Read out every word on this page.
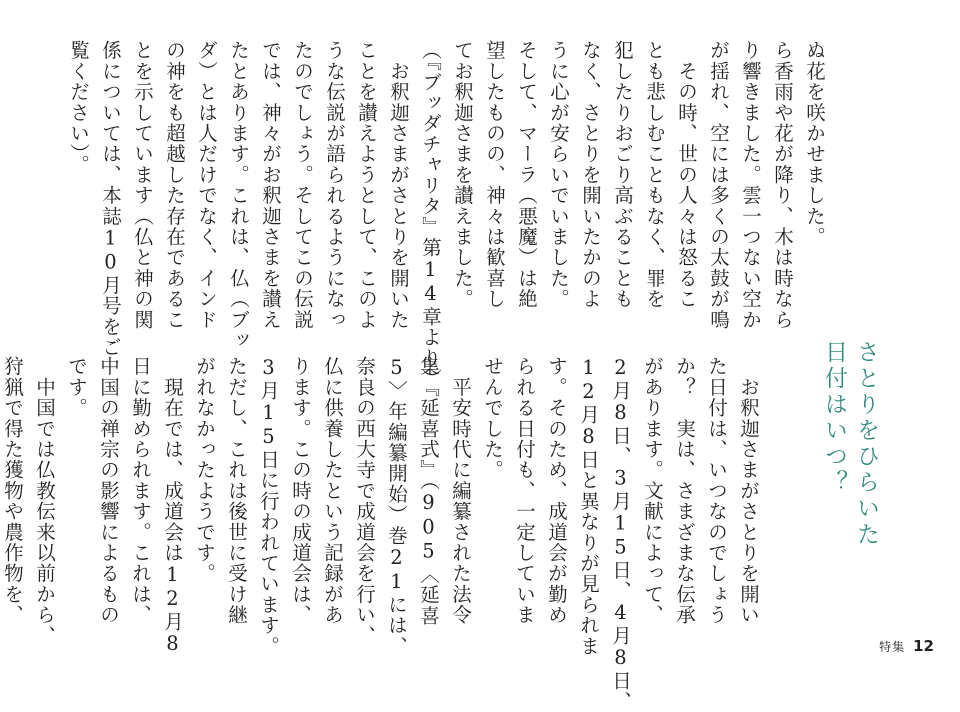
ぬ花を咲かせました。
ら香雨や花が降り、木は時なら
り響きました。雲一つない空か
が揺れ、空には多くの太鼓が鳴
　その時、世の人々は怒るこ
とも悲しむこともなく、罪を
犯したりおごり高ぶることも
なく、さとりを開いたかのよ
うに心が安らいでいました。
そして、マーラ（悪魔）は絶
望したものの、神々は歓喜し
てお釈迦さまを讃えました。
（『ブッダチャリタ』第14章より）
　お釈迦さまがさとりを開いた
ことを讃えようとして、このよ
うな伝説が語られるようになっ
たのでしょう。そしてこの伝説
では、神々がお釈迦さまを讃え
たとあります。これは、仏（ブッ
ダ）とは人だけでなく、インド
の神をも超越した存在であるこ
とを示しています（仏と神の関
係については、本誌10月号をご
覧ください）。

さとりをひらいた
日付はいつ？

　お釈迦さまがさとりを開い
た日付は、いつなのでしょう
か？　実は、さまざまな伝承
があります。文献によって、
2月8日、3月15日、4月8日、
12月8日と異なりが見られま
す。そのため、成道会が勤め
られる日付も、一定していま
せんでした。
　平安時代に編纂された法令
集『延喜式』（905〈延喜
5〉年編纂開始）巻21には、
奈良の西大寺で成道会を行い、
仏に供養したという記録があ
ります。この時の成道会は、
3月15日に行われています。
ただし、これは後世に受け継
がれなかったようです。
　現在では、成道会は12月8
日に勤められます。これは、
中国の禅宗の影響によるもの
です。
　中国では仏教伝来以前から、
狩猟で得た獲物や農作物を、

特集 12
